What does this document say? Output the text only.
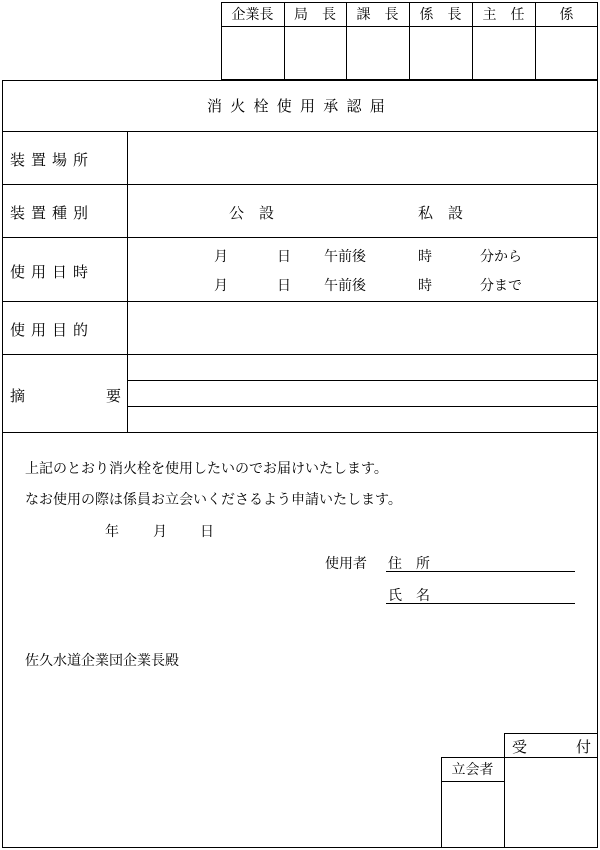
企業長 局　長 課　長 係　長 主　任	係
消火栓使用承認届
装置場所
装置種別	公　設	私　設
使用日時
月	日 午前後	時	分から
月	日 午前後	時	分まで
使用目的
摘	要
上記のとおり消火栓を使用したいのでお届けいたします。
なお使用の際は係員お立会いくださるよう申請いたします。
年 月 日
使用者 住　所
氏　名
佐久水道企業団企業長殿
受	付
立会者
